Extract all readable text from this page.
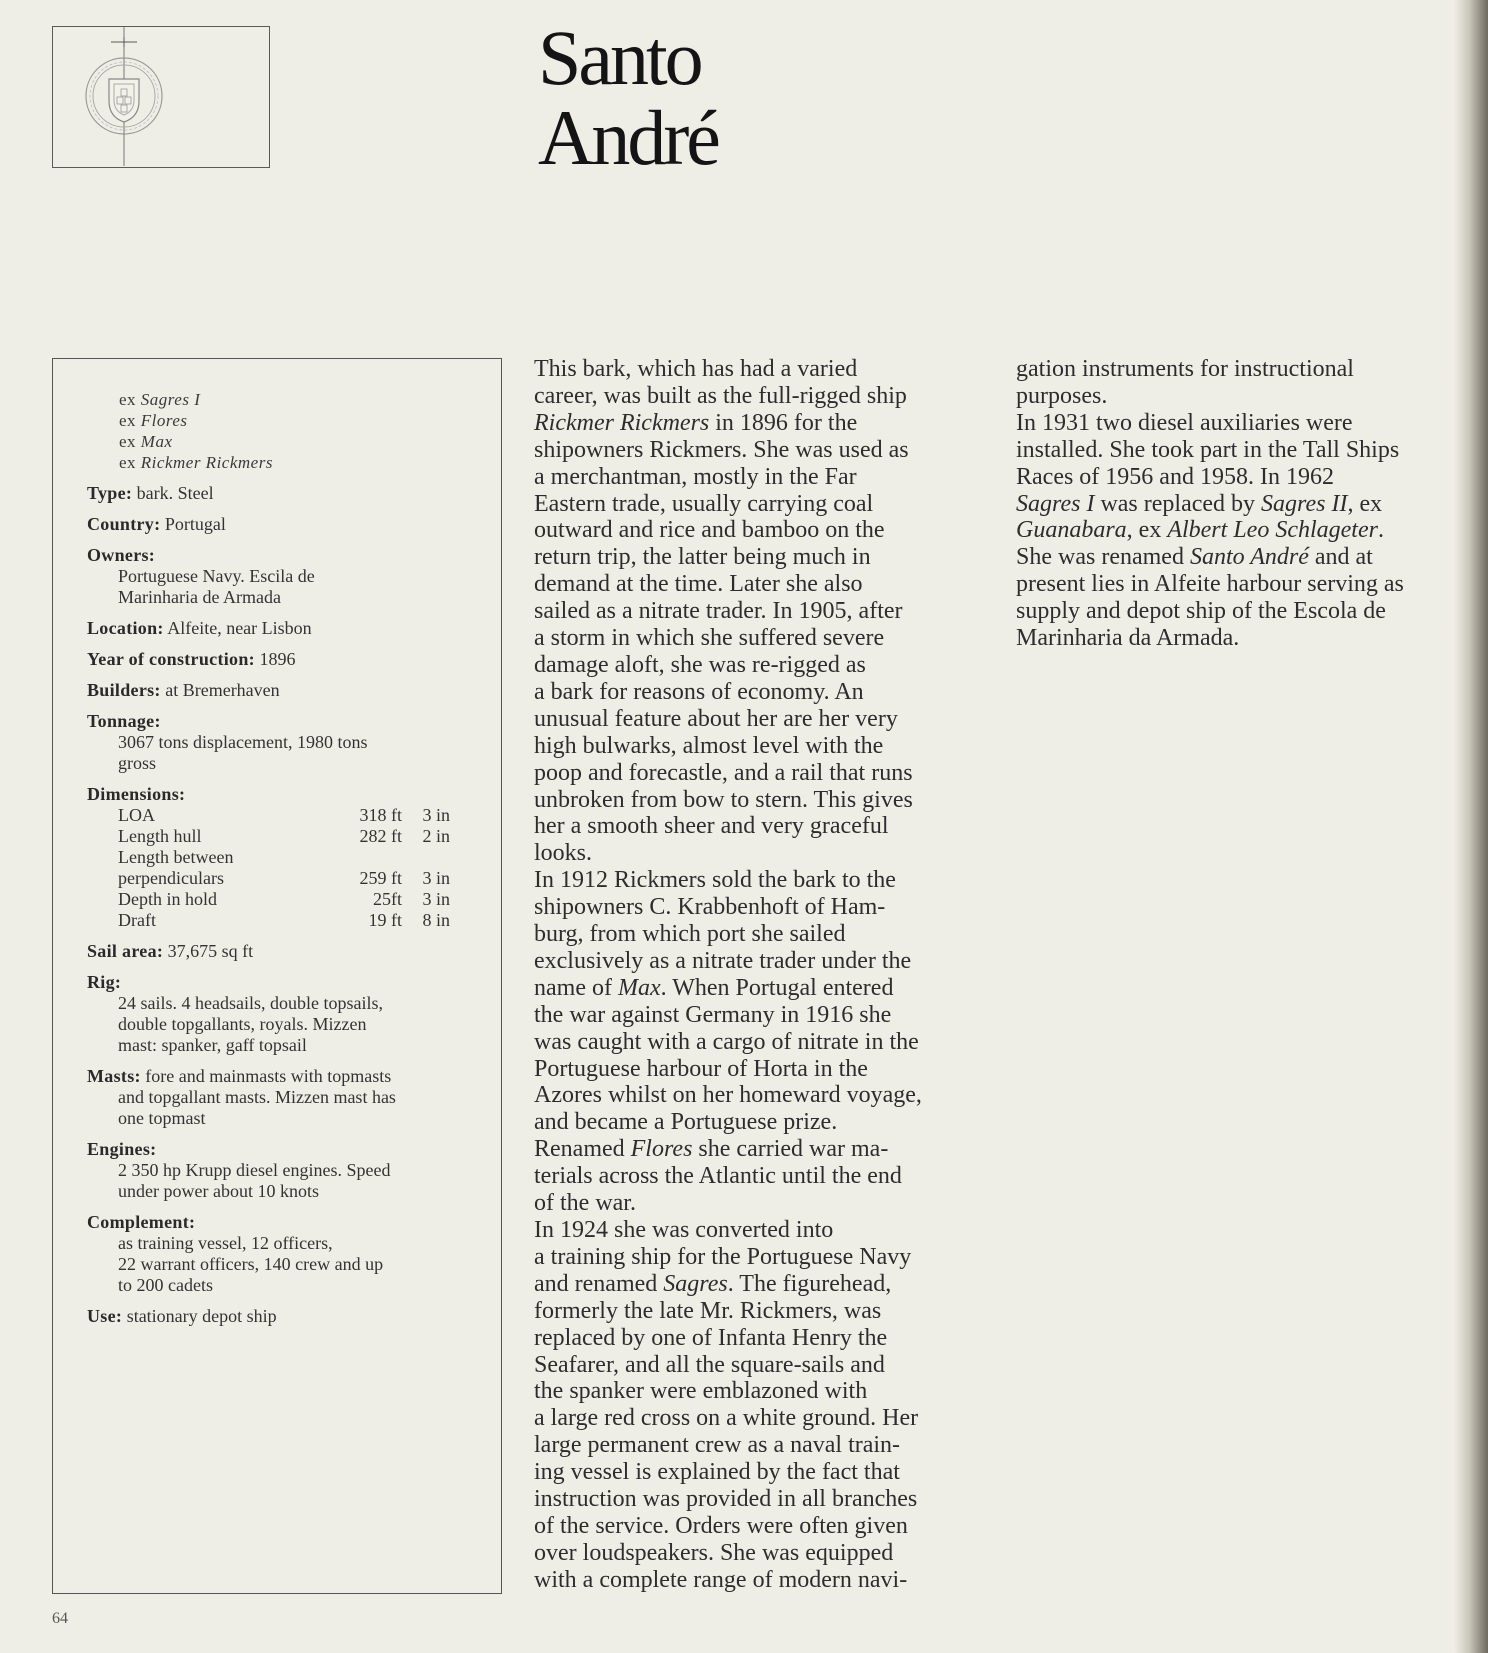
Santo
André
ex Sagres I
ex Flores
ex Max
ex Rickmer Rickmers
Type: bark. Steel
Country: Portugal
Owners:
Portuguese Navy. Escila de
Marinharia de Armada
Location: Alfeite, near Lisbon
Year of construction: 1896
Builders: at Bremerhaven
Tonnage:
3067 tons displacement, 1980 tons
gross
Dimensions:
LOA	318 ft	3 in
Length hull	282 ft	2 in
Length between
perpendiculars	259 ft	3 in
Depth in hold	25ft	3 in
Draft	19 ft	8 in
Sail area: 37,675 sq ft
Rig:
24 sails. 4 headsails, double topsails,
double topgallants, royals. Mizzen
mast: spanker, gaff topsail
Masts: fore and mainmasts with topmasts
and topgallant masts. Mizzen mast has
one topmast
Engines:
2 350 hp Krupp diesel engines. Speed
under power about 10 knots
Complement:
as training vessel, 12 officers,
22 warrant officers, 140 crew and up
to 200 cadets
Use: stationary depot ship
This bark, which has had a varied
career, was built as the full-rigged ship
Rickmer Rickmers in 1896 for the
shipowners Rickmers. She was used as
a merchantman, mostly in the Far
Eastern trade, usually carrying coal
outward and rice and bamboo on the
return trip, the latter being much in
demand at the time. Later she also
sailed as a nitrate trader. In 1905, after
a storm in which she suffered severe
damage aloft, she was re-rigged as
a bark for reasons of economy. An
unusual feature about her are her very
high bulwarks, almost level with the
poop and forecastle, and a rail that runs
unbroken from bow to stern. This gives
her a smooth sheer and very graceful
looks.
In 1912 Rickmers sold the bark to the
shipowners C. Krabbenhoft of Ham-
burg, from which port she sailed
exclusively as a nitrate trader under the
name of Max. When Portugal entered
the war against Germany in 1916 she
was caught with a cargo of nitrate in the
Portuguese harbour of Horta in the
Azores whilst on her homeward voyage,
and became a Portuguese prize.
Renamed Flores she carried war ma-
terials across the Atlantic until the end
of the war.
In 1924 she was converted into
a training ship for the Portuguese Navy
and renamed Sagres. The figurehead,
formerly the late Mr. Rickmers, was
replaced by one of Infanta Henry the
Seafarer, and all the square-sails and
the spanker were emblazoned with
a large red cross on a white ground. Her
large permanent crew as a naval train-
ing vessel is explained by the fact that
instruction was provided in all branches
of the service. Orders were often given
over loudspeakers. She was equipped
with a complete range of modern navi-
gation instruments for instructional
purposes.
In 1931 two diesel auxiliaries were
installed. She took part in the Tall Ships
Races of 1956 and 1958. In 1962
Sagres I was replaced by Sagres II, ex
Guanabara, ex Albert Leo Schlageter.
She was renamed Santo André and at
present lies in Alfeite harbour serving as
supply and depot ship of the Escola de
Marinharia da Armada.
64
